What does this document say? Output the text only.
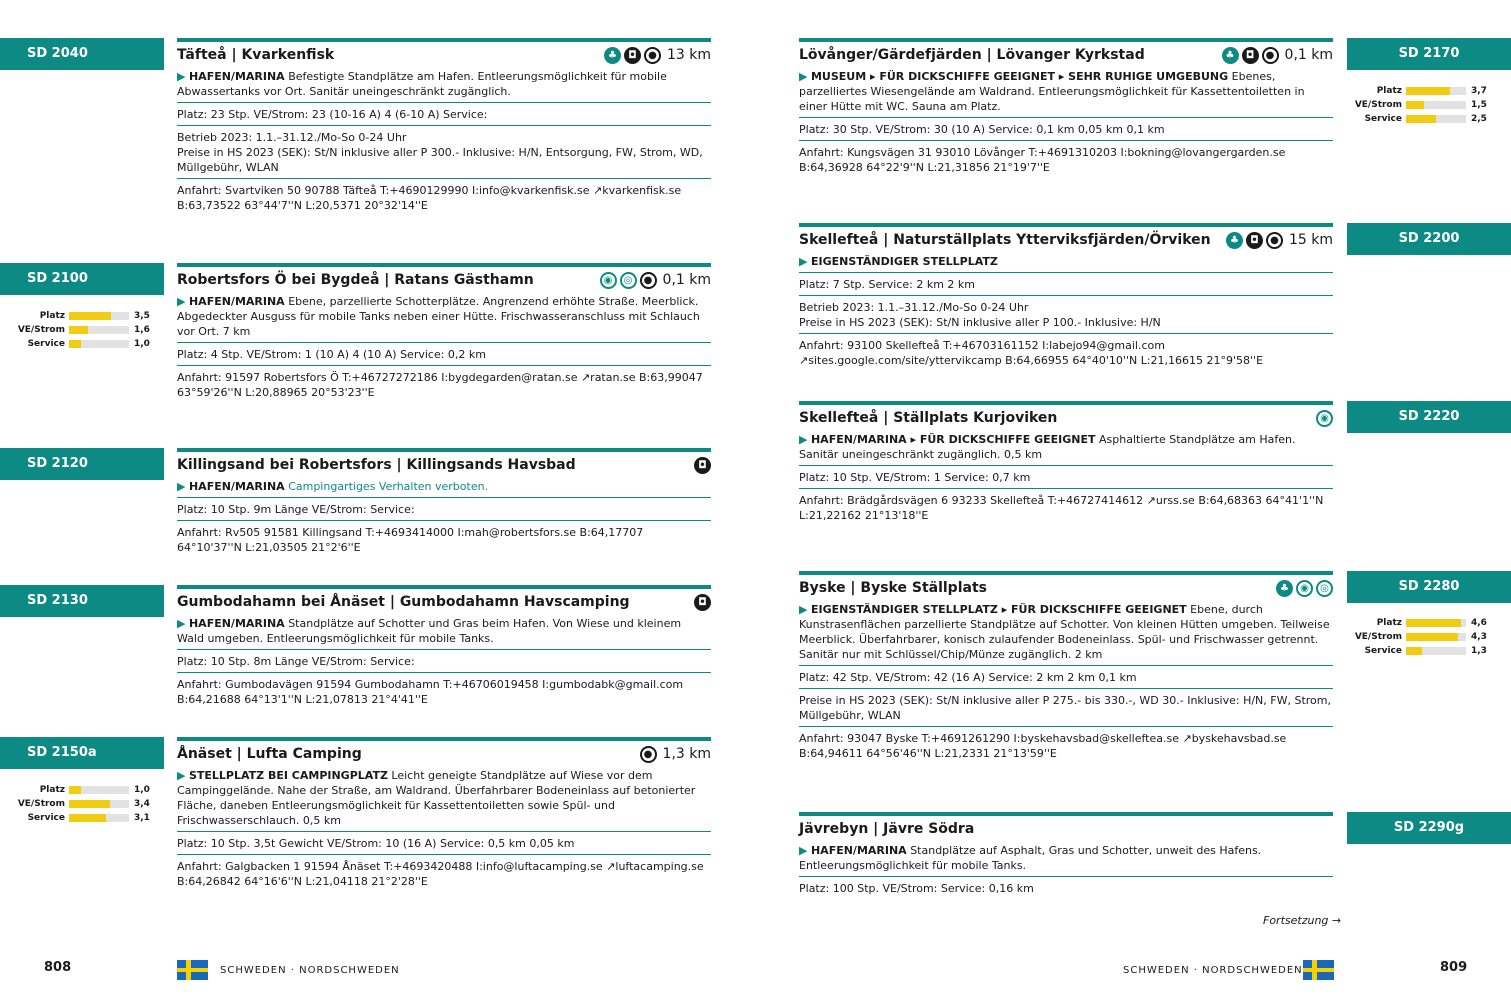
SD 2040
SD 2100
SD 2120
SD 2130
SD 2150a
Platz	3,5
VE/Strom	1,6
Service	1,0
Platz	1,0
VE/Strom	3,4
Service	3,1
Täfteå | Kvarkenfisk	♣	◘	● 13 km
▶ HAFEN/MARINA Befestigte Standplätze am Hafen. Entleerungsmöglichkeit für mobile Abwassertanks vor Ort. Sanitär uneingeschränkt zugänglich.
Platz: 23 Stp. VE/Strom: 23 (10-16 A) 4 (6-10 A) Service:
Betrieb 2023: 1.1.–31.12./Mo-So 0-24 Uhr
Preise in HS 2023 (SEK): St/N inklusive aller P 300.- Inklusive: H/N, Entsorgung, FW, Strom, WD, Müllgebühr, WLAN
Anfahrt: Svartviken 50 90788 Täfteå T:+4690129990 I:info@kvarkenfisk.se ↗kvarkenfisk.se B:63,73522 63°44'7''N L:20,5371 20°32'14''E
Robertsfors Ö bei Bygdeå | Ratans Gästhamn	◉	◎	● 0,1 km
▶ HAFEN/MARINA Ebene, parzellierte Schotterplätze. Angrenzend erhöhte Straße. Meerblick. Abgedeckter Ausguss für mobile Tanks neben einer Hütte. Frischwasseranschluss mit Schlauch vor Ort. 7 km
Platz: 4 Stp. VE/Strom: 1 (10 A) 4 (10 A) Service: 0,2 km
Anfahrt: 91597 Robertsfors Ö T:+46727272186 I:bygdegarden@ratan.se ↗ratan.se B:63,99047 63°59'26''N L:20,88965 20°53'23''E
Killingsand bei Robertsfors | Killingsands Havsbad	◘
▶ HAFEN/MARINA Campingartiges Verhalten verboten.
Platz: 10 Stp. 9m Länge VE/Strom: Service:
Anfahrt: Rv505 91581 Killingsand T:+4693414000 I:mah@robertsfors.se B:64,17707 64°10'37''N L:21,03505 21°2'6''E
Gumbodahamn bei Ånäset | Gumbodahamn Havscamping	◘
▶ HAFEN/MARINA Standplätze auf Schotter und Gras beim Hafen. Von Wiese und kleinem Wald umgeben. Entleerungsmöglichkeit für mobile Tanks.
Platz: 10 Stp. 8m Länge VE/Strom: Service:
Anfahrt: Gumbodavägen 91594 Gumbodahamn T:+46706019458 I:gumbodabk@gmail.com B:64,21688 64°13'1''N L:21,07813 21°4'41''E
Ånäset | Lufta Camping	● 1,3 km
▶ STELLPLATZ BEI CAMPINGPLATZ Leicht geneigte Standplätze auf Wiese vor dem Campinggelände. Nahe der Straße, am Waldrand. Überfahrbarer Bodeneinlass auf betonierter Fläche, daneben Entleerungsmöglichkeit für Kassettentoiletten sowie Spül- und Frischwasserschlauch. 0,5 km
Platz: 10 Stp. 3,5t Gewicht VE/Strom: 10 (16 A) Service: 0,5 km 0,05 km
Anfahrt: Galgbacken 1 91594 Ånäset T:+4693420488 I:info@luftacamping.se ↗luftacamping.se B:64,26842 64°16'6''N L:21,04118 21°2'28''E
SD 2170
SD 2200
SD 2220
SD 2280
SD 2290g
Platz	3,7
VE/Strom	1,5
Service	2,5
Platz	4,6
VE/Strom	4,3
Service	1,3
Lövånger/Gärdefjärden | Lövanger Kyrkstad	♣	◘	● 0,1 km
▶ MUSEUM ▸ FÜR DICKSCHIFFE GEEIGNET ▸ SEHR RUHIGE UMGEBUNG Ebenes, parzelliertes Wiesengelände am Waldrand. Entleerungsmöglichkeit für Kassettentoiletten in einer Hütte mit WC. Sauna am Platz.
Platz: 30 Stp. VE/Strom: 30 (10 A) Service: 0,1 km 0,05 km 0,1 km
Anfahrt: Kungsvägen 31 93010 Lövånger T:+4691310203 I:bokning@lovangergarden.se B:64,36928 64°22'9''N L:21,31856 21°19'7''E
Skellefteå | Naturställplats Ytterviksfjärden/Örviken	♣	◘	● 15 km
▶ EIGENSTÄNDIGER STELLPLATZ
Platz: 7 Stp. Service: 2 km 2 km
Betrieb 2023: 1.1.–31.12./Mo-So 0-24 Uhr
Preise in HS 2023 (SEK): St/N inklusive aller P 100.- Inklusive: H/N
Anfahrt: 93100 Skellefteå T:+46703161152 I:labejo94@gmail.com ↗sites.google.com/site/yttervikcamp B:64,66955 64°40'10''N L:21,16615 21°9'58''E
Skellefteå | Ställplats Kurjoviken	◉
▶ HAFEN/MARINA ▸ FÜR DICKSCHIFFE GEEIGNET Asphaltierte Standplätze am Hafen. Sanitär uneingeschränkt zugänglich. 0,5 km
Platz: 10 Stp. VE/Strom: 1 Service: 0,7 km
Anfahrt: Brädgårdsvägen 6 93233 Skellefteå T:+46727414612 ↗urss.se B:64,68363 64°41'1''N L:21,22162 21°13'18''E
Byske | Byske Ställplats	♣	◉	◎
▶ EIGENSTÄNDIGER STELLPLATZ ▸ FÜR DICKSCHIFFE GEEIGNET Ebene, durch Kunstrasenflächen parzellierte Standplätze auf Schotter. Von kleinen Hütten umgeben. Teilweise Meerblick. Überfahrbarer, konisch zulaufender Bodeneinlass. Spül- und Frischwasser getrennt. Sanitär nur mit Schlüssel/Chip/Münze zugänglich. 2 km
Platz: 42 Stp. VE/Strom: 42 (16 A) Service: 2 km 2 km 0,1 km
Preise in HS 2023 (SEK): St/N inklusive aller P 275.- bis 330.-, WD 30.- Inklusive: H/N, FW, Strom, Müllgebühr, WLAN
Anfahrt: 93047 Byske T:+4691261290 I:byskehavsbad@skelleftea.se ↗byskehavsbad.se B:64,94611 64°56'46''N L:21,2331 21°13'59''E
Jävrebyn | Jävre Södra
▶ HAFEN/MARINA Standplätze auf Asphalt, Gras und Schotter, unweit des Hafens. Entleerungsmöglichkeit für mobile Tanks.
Platz: 100 Stp. VE/Strom: Service: 0,16 km
Fortsetzung →
808	SCHWEDEN · NORDSCHWEDEN	SCHWEDEN · NORDSCHWEDEN	809
